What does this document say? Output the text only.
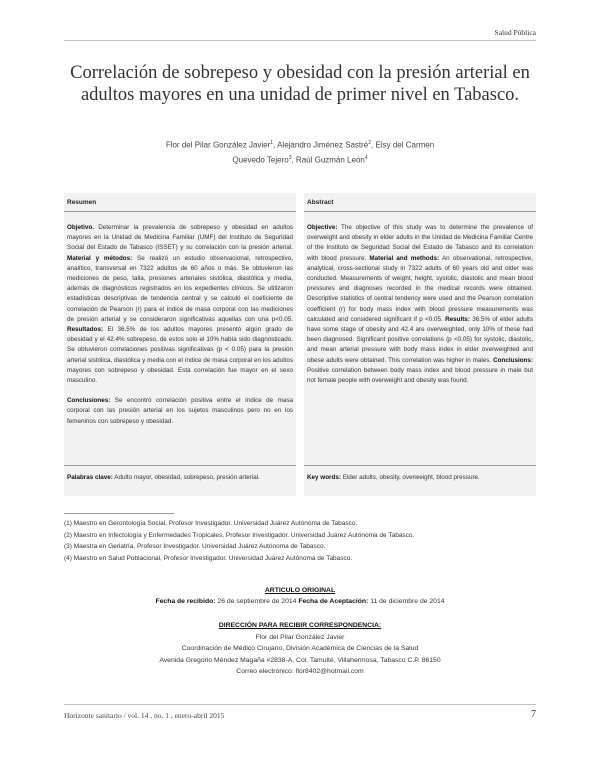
Salud Pública
Correlación de sobrepeso y obesidad con la presión arterial en adultos mayores en una unidad de primer nivel en Tabasco.
Flor del Pilar González Javier$^1$, Alejandro Jiménez Sastré$^2$, Elsy del Carmen Quevedo Tejero$^3$, Raúl Guzmán León$^4$
Resumen

Objetivo. Determinar la prevalencia de sobrepeso y obesidad en adultos mayores en la Unidad de Medicina Familiar (UMF) del Instituto de Seguridad Social del Estado de Tabasco (ISSET) y su correlación con la presión arterial. Material y métodos: Se realizó un estudio observacional, retrospectivo, analítico, transversal en 7322 adultos de 60 años o más. Se obtuvieron las mediciones de peso, talla, presiones arteriales sistólica, diastólica y media, además de diagnósticos registrados en los expedientes clínicos. Se utilizaron estadísticas descriptivas de tendencia central y se calculó el coeficiente de correlación de Pearson (r) para el índice de masa corporal con las mediciones de presión arterial y se consideraron significativas aquellas con una p<0.05. Resultados: El 36.5% de los adultos mayores presentó algún grado de obesidad y el 42.4% sobrepeso, de estos solo el 10% había sido diagnosticado. Se obtuvieron correlaciones positivas significativas (p < 0.05) para la presión arterial sistólica, diastólica y media con el índice de masa corporal en los adultos mayores con sobrepeso y obesidad. Esta correlación fue mayor en el sexo masculino.

Conclusiones: Se encontró correlación positiva entre el índice de masa corporal con las presión arterial en los sujetos masculinos pero no en los femeninos con sobrepeso y obesidad.

Palabras clave: Adulto mayor, obesidad, sobrepeso, presión arterial.
Abstract

Objective: The objective of this study was to determine the prevalence of overweight and obesity in elder adults in the Unidad de Medicina Familiar Centre of the Instituto de Seguridad Social del Estado de Tabasco and its correlation with blood pressure. Material and methods: An observational, retrospective, analytical, cross-sectional study in 7322 adults of 60 years old and older was conducted. Measurements of weight, height, systolic, diastolic and mean blood pressures and diagnoses recorded in the medical records were obtained. Descriptive statistics of central tendency were used and the Pearson correlation coefficient (r) for body mass index with blood pressure measurements was calculated and considered significant if p <0.05. Results: 36.5% of elder adults have some stage of obesity and 42.4 are overweighted, only 10% of these had been diagnosed. Significant positive correlations (p <0.05) for systolic, diastolic, and mean arterial pressure with body mass index in elder overweighted and obese adults were obtained. This correlation was higher in males. Conclusions: Positive correlation between body mass index and blood pressure in male but not female people with overweight and obesity was found.

Key words: Elder adults, obesity, overweight, blood pressure.
(1) Maestro en Gerontología Social, Profesor Investigador. Universidad Juárez Autónoma de Tabasco.
(2) Maestro en Infectología y Enfermedades Tropicales, Profesor Investigador. Universidad Juárez Autónoma de Tabasco.
(3) Maestra en Geriatría, Profesor Investigador. Universidad Juárez Autónoma de Tabasco.
(4) Maestro en Salud Poblacional, Profesor Investigador. Universidad Juárez Autónoma de Tabasco.
ARTICULO ORIGINAL
Fecha de recibido: 26 de septiembre de 2014 Fecha de Aceptación: 11 de diciembre de 2014
DIRECCIÓN PARA RECIBIR CORRESPONDENCIA:
Flor del Pilar González Javier
Coordinación de Médico Cirujano, División Académica de Ciencias de la Salud
Avenida Gregorio Méndez Magaña #2838-A, Col. Tamulté, Villahermosa, Tabasco C.P. 86150
Correo electrónico: flor8402@hotmail.com
Horizonte sanitario / vol. 14 , no. 1 , enero-abril 2015	7
